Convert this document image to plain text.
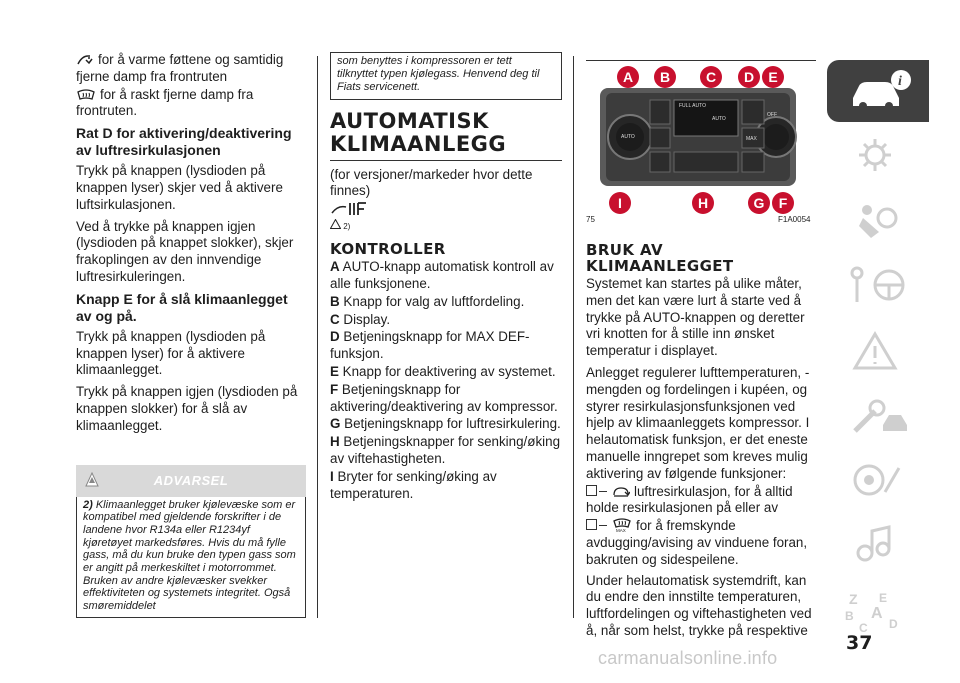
for å varme føttene og samtidig fjerne damp fra frontruten

for å raskt fjerne damp fra frontruten.

Rat D for aktivering/deaktivering av luftresirkulasjonen

Trykk på knappen (lysdioden på knappen lyser) skjer ved å aktivere luftsirkulasjonen.

Ved å trykke på knappen igjen (lysdioden på knappet slokker), skjer frakoplingen av den innvendige luftresirkuleringen.

Knapp E for å slå klimaanlegget av og på.

Trykk på knappen (lysdioden på knappen lyser) for å aktivere klimaanlegget.

Trykk på knappen igjen (lysdioden på knappen slokker) for å slå av klimaanlegget.

ADVARSEL
2) Klimaanlegget bruker kjølevæske som er kompatibel med gjeldende forskrifter i de landene hvor R134a eller R1234yf kjøretøyet markedsføres. Hvis du må fylle gass, må du kun bruke den typen gass som er angitt på merkeskiltet i motorrommet. Bruken av andre kjølevæsker svekker effektiviteten og systemets integritet. Også smøremiddelet
som benyttes i kompressoren er tett tilknyttet typen kjølegass. Henvend deg til Fiats servicenett.
AUTOMATISK KLIMAANLEGG

(for versjoner/markeder hvor dette finnes)

2)
KONTROLLER

A AUTO-knapp automatisk kontroll av alle funksjonene.

B Knapp for valg av luftfordeling.

C Display.

D Betjeningsknapp for MAX DEF-funksjon.

E Knapp for deaktivering av systemet.

F Betjeningsknapp for aktivering/deaktivering av kompressor.

G Betjeningsknapp for luftresirkulering.

H Betjeningsknapper for senking/øking av viftehastigheten.

I Bryter for senking/øking av temperaturen.

AUTO
FULL AUTO
AUTO
MAX
OFF
A	B	C	D	E
I	H	G	F
75	F1A0054
BRUK AV KLIMAANLEGGET

Systemet kan startes på ulike måter, men det kan være lurt å starte ved å trykke på AUTO-knappen og deretter vri knotten for å stille inn ønsket temperatur i displayet.

Anlegget regulerer lufttemperaturen, -mengden og fordelingen i kupéen, og styrer resirkulasjonsfunksjonen ved hjelp av klimaanleggets kompressor. I helautomatisk funksjon, er det eneste manuelle inngrepet som kreves mulig aktivering av følgende funksjoner:

luftresirkulasjon, for å alltid holde resirkulasjonen på eller av

MAX for å fremskynde
avdugging/avising av vinduene foran, bakruten og sidespeilene.

Under helautomatisk systemdrift, kan du endre den innstilte temperaturen, luftfordelingen og viftehastigheten ved å, når som helst, trykke på respektive

i
Z E
B A
C D
37
carmanualsonline.info
